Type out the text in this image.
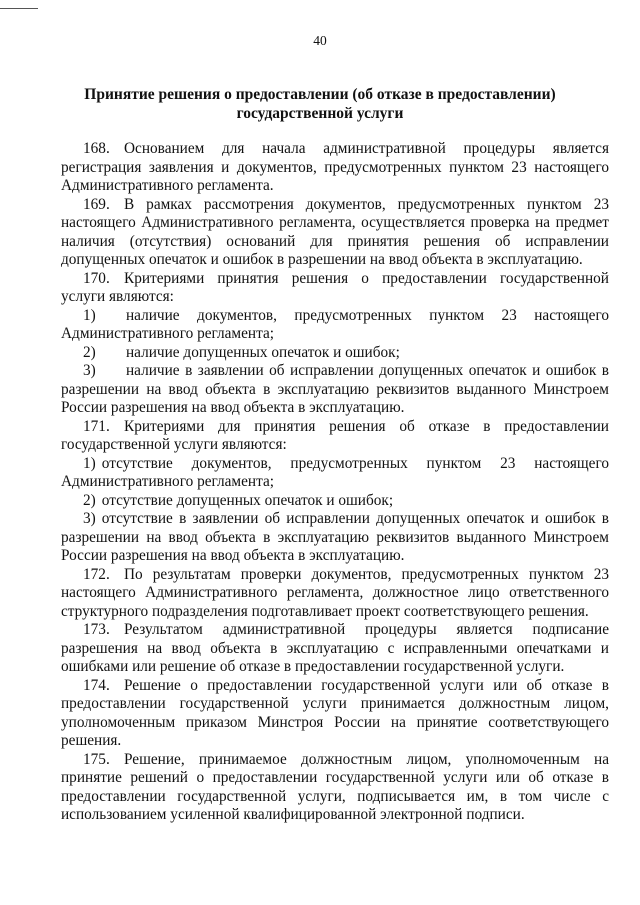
40
Принятие решения о предоставлении (об отказе в предоставлении)
государственной услуги

168. Основанием для начала административной процедуры является регистрация заявления и документов, предусмотренных пунктом 23 настоящего Административного регламента.

169. В рамках рассмотрения документов, предусмотренных пунктом 23 настоящего Административного регламента, осуществляется проверка на предмет наличия (отсутствия) оснований для принятия решения об исправлении допущенных опечаток и ошибок в разрешении на ввод объекта в эксплуатацию.

170. Критериями принятия решения о предоставлении государственной услуги являются:

1) наличие документов, предусмотренных пунктом 23 настоящего Административного регламента;

2) наличие допущенных опечаток и ошибок;

3) наличие в заявлении об исправлении допущенных опечаток и ошибок в разрешении на ввод объекта в эксплуатацию реквизитов выданного Минстроем России разрешения на ввод объекта в эксплуатацию.

171. Критериями для принятия решения об отказе в предоставлении государственной услуги являются:

1) отсутствие документов, предусмотренных пунктом 23 настоящего Административного регламента;

2) отсутствие допущенных опечаток и ошибок;

3) отсутствие в заявлении об исправлении допущенных опечаток и ошибок в разрешении на ввод объекта в эксплуатацию реквизитов выданного Минстроем России разрешения на ввод объекта в эксплуатацию.

172. По результатам проверки документов, предусмотренных пунктом 23 настоящего Административного регламента, должностное лицо ответственного структурного подразделения подготавливает проект соответствующего решения.

173. Результатом административной процедуры является подписание разрешения на ввод объекта в эксплуатацию с исправленными опечатками и ошибками или решение об отказе в предоставлении государственной услуги.

174. Решение о предоставлении государственной услуги или об отказе в предоставлении государственной услуги принимается должностным лицом, уполномоченным приказом Минстроя России на принятие соответствующего решения.

175. Решение, принимаемое должностным лицом, уполномоченным на принятие решений о предоставлении государственной услуги или об отказе в предоставлении государственной услуги, подписывается им, в том числе с использованием усиленной квалифицированной электронной подписи.
